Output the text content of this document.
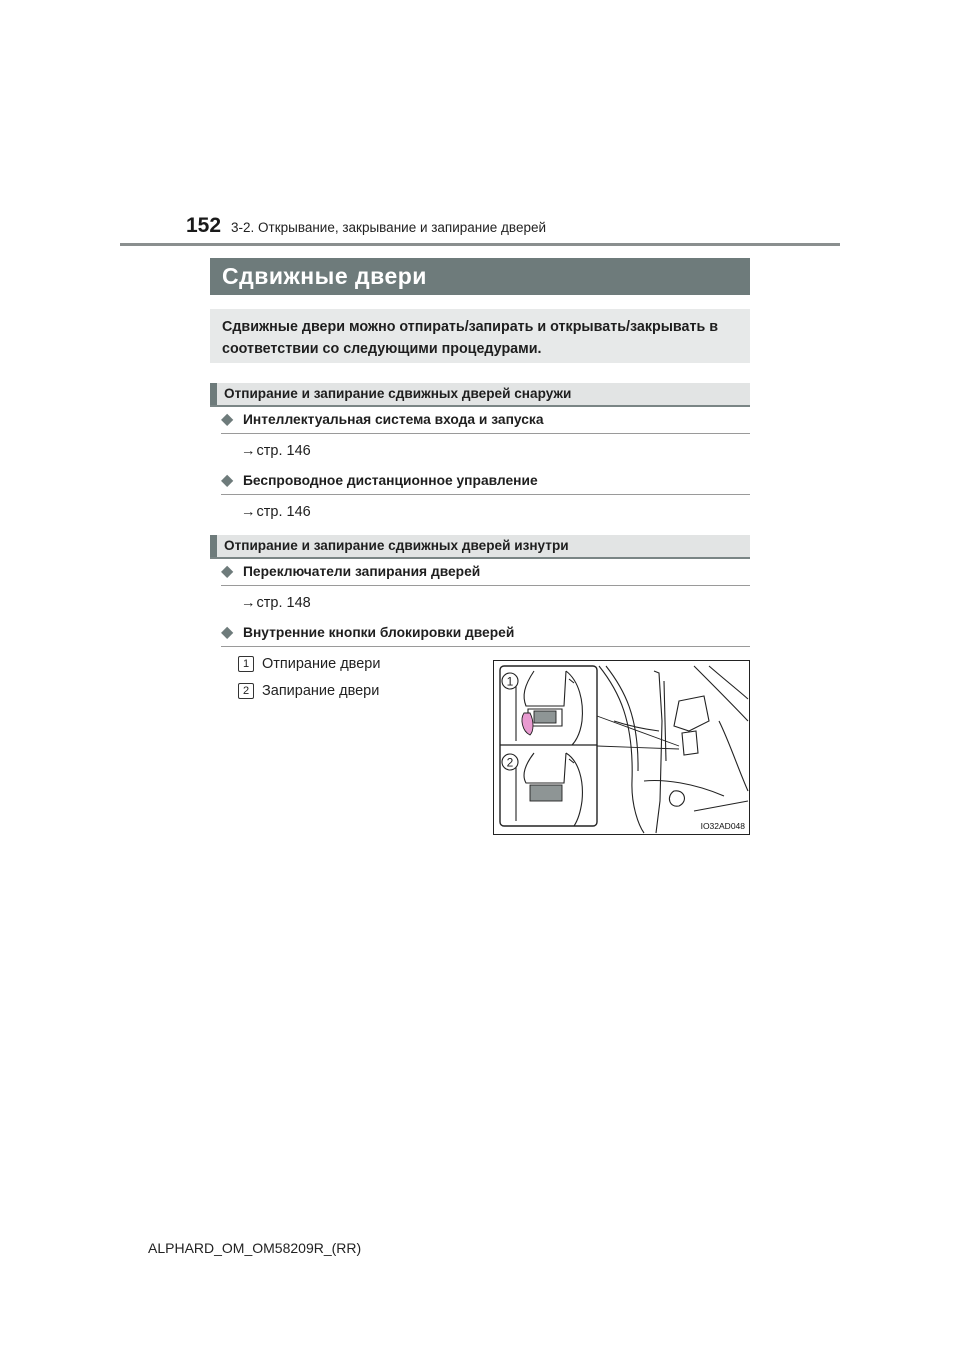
152 3-2. Открывание, закрывание и запирание дверей
Сдвижные двери
Сдвижные двери можно отпирать/запирать и открывать/закрывать в соответствии со следующими процедурами.
Отпирание и запирание сдвижных дверей снаружи
◆ Интеллектуальная система входа и запуска
→стр. 146
◆ Беспроводное дистанционное управление
→стр. 146
Отпирание и запирание сдвижных дверей изнутри
◆ Переключатели запирания дверей
→стр. 148
◆ Внутренние кнопки блокировки дверей
1 Отпирание двери
2 Запирание двери
1
2
IO32AD048
ALPHARD_OM_OM58209R_(RR)
